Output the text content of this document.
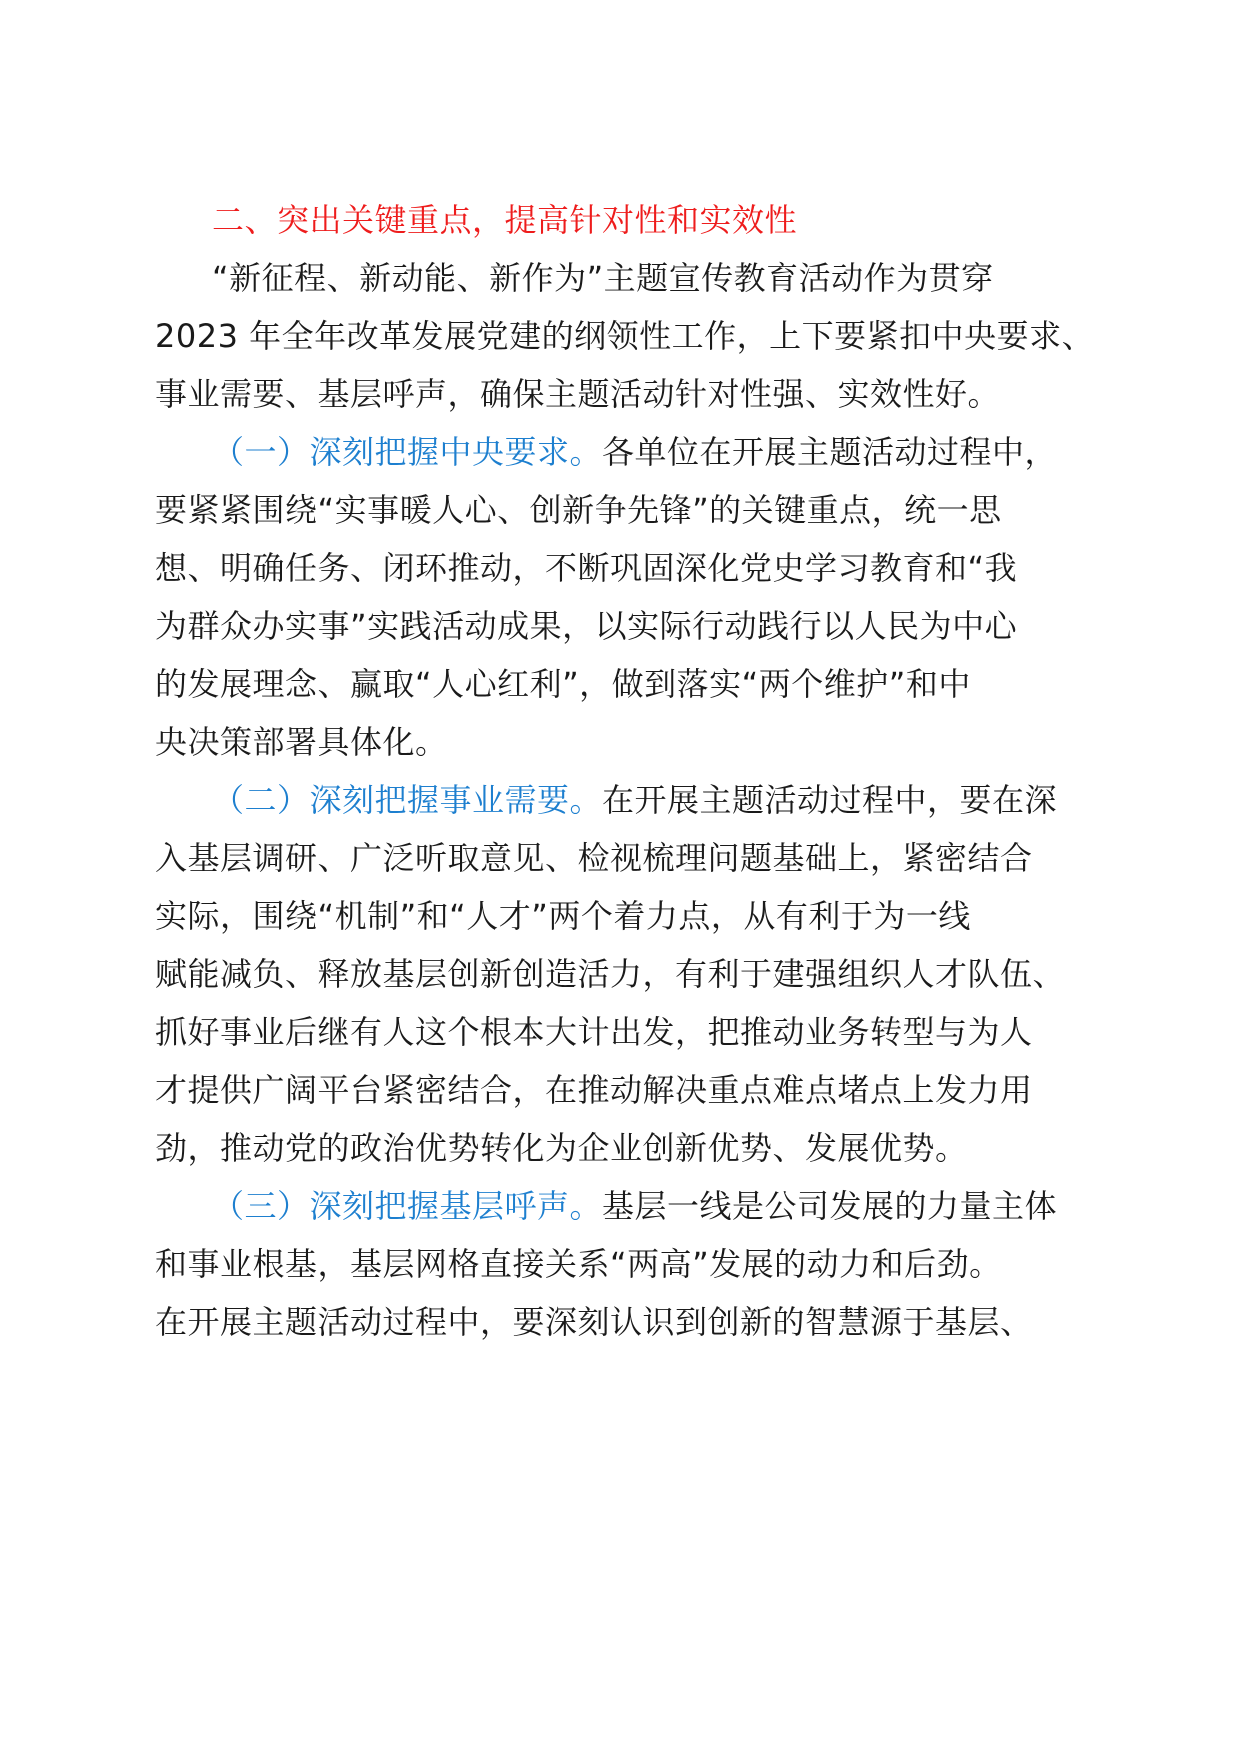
二、突出关键重点，提高针对性和实效性
“新征程、新动能、新作为”主题宣传教育活动作为贯穿
2023 年全年改革发展党建的纲领性工作，上下要紧扣中央要求、
事业需要、基层呼声，确保主题活动针对性强、实效性好。
（一）深刻把握中央要求。各单位在开展主题活动过程中，
要紧紧围绕“实事暖人心、创新争先锋”的关键重点，统一思
想、明确任务、闭环推动，不断巩固深化党史学习教育和“我
为群众办实事”实践活动成果，以实际行动践行以人民为中心
的发展理念、赢取“人心红利”，做到落实“两个维护”和中
央决策部署具体化。
（二）深刻把握事业需要。在开展主题活动过程中，要在深
入基层调研、广泛听取意见、检视梳理问题基础上，紧密结合
实际，围绕“机制”和“人才”两个着力点，从有利于为一线
赋能减负、释放基层创新创造活力，有利于建强组织人才队伍、
抓好事业后继有人这个根本大计出发，把推动业务转型与为人
才提供广阔平台紧密结合，在推动解决重点难点堵点上发力用
劲，推动党的政治优势转化为企业创新优势、发展优势。
（三）深刻把握基层呼声。基层一线是公司发展的力量主体
和事业根基，基层网格直接关系“两高”发展的动力和后劲。
在开展主题活动过程中，要深刻认识到创新的智慧源于基层、
